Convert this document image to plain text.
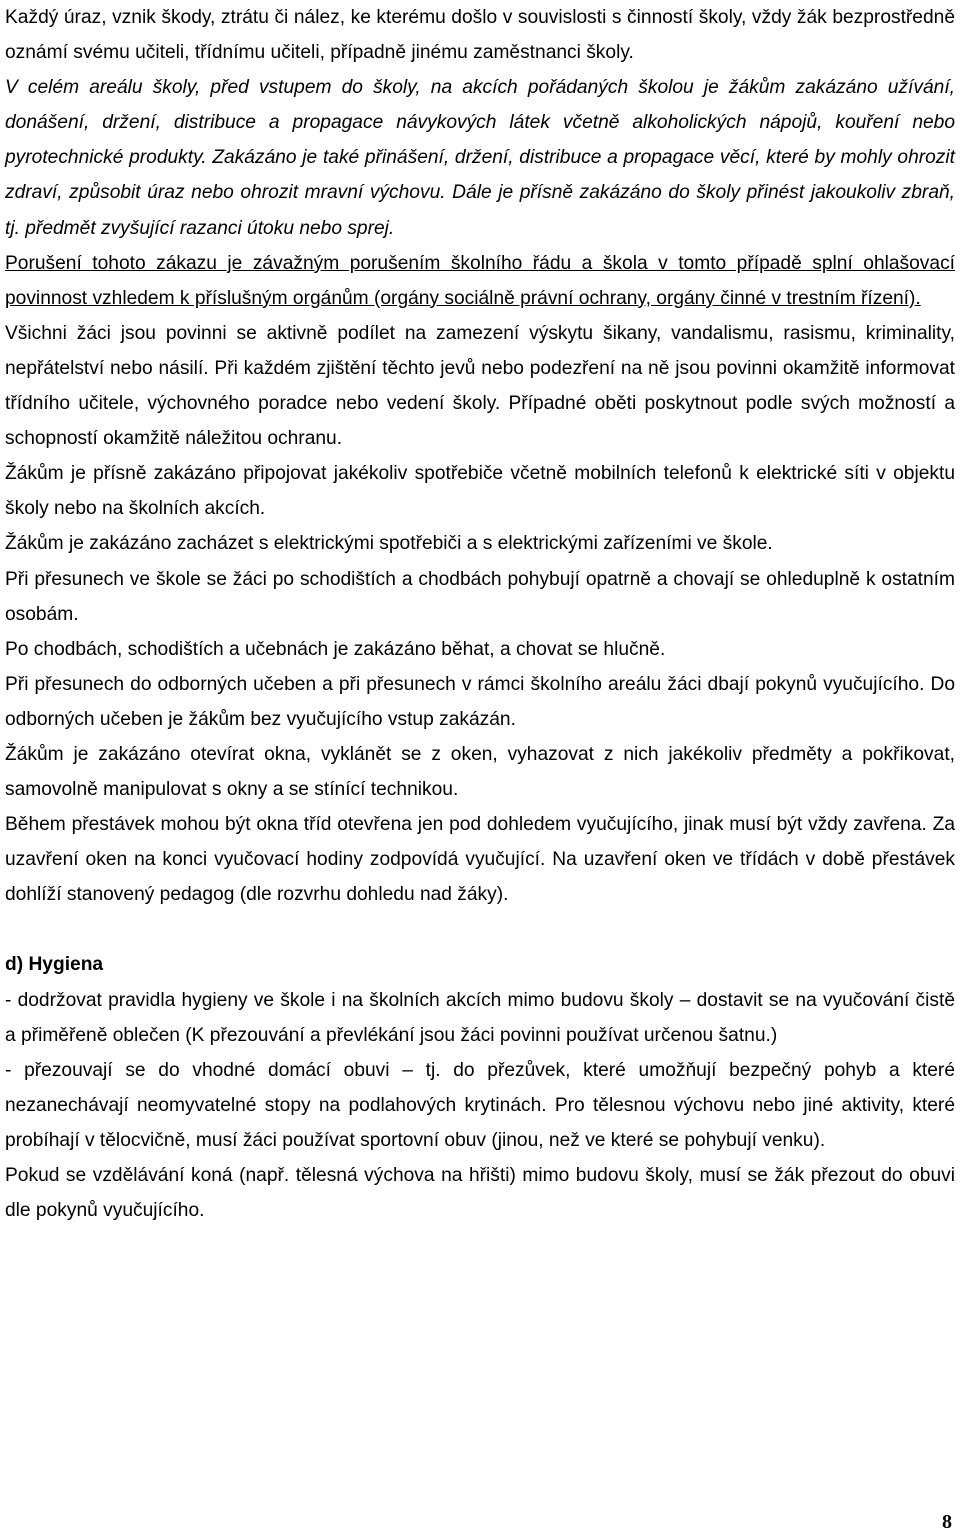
Každý úraz, vznik škody, ztrátu či nález, ke kterému došlo v souvislosti s činností školy, vždy žák bezprostředně oznámí svému učiteli, třídnímu učiteli, případně jinému zaměstnanci školy.

V celém areálu školy, před vstupem do školy, na akcích pořádaných školou je žákům zakázáno užívání, donášení, držení, distribuce a propagace návykových látek včetně alkoholických nápojů, kouření nebo pyrotechnické produkty. Zakázáno je také přinášení, držení, distribuce a propagace věcí, které by mohly ohrozit zdraví, způsobit úraz nebo ohrozit mravní výchovu. Dále je přísně zakázáno do školy přinést jakoukoliv zbraň, tj. předmět zvyšující razanci útoku nebo sprej.

Porušení tohoto zákazu je závažným porušením školního řádu a škola v tomto případě splní ohlašovací povinnost vzhledem k příslušným orgánům (orgány sociálně právní ochrany, orgány činné v trestním řízení).

Všichni žáci jsou povinni se aktivně podílet na zamezení výskytu šikany, vandalismu, rasismu, kriminality, nepřátelství nebo násilí. Při každém zjištění těchto jevů nebo podezření na ně jsou povinni okamžitě informovat třídního učitele, výchovného poradce nebo vedení školy. Případné oběti poskytnout podle svých možností a schopností okamžitě náležitou ochranu.

Žákům je přísně zakázáno připojovat jakékoliv spotřebiče včetně mobilních telefonů k elektrické síti v objektu školy nebo na školních akcích.

Žákům je zakázáno zacházet s elektrickými spotřebiči a s elektrickými zařízeními ve škole.

Při přesunech ve škole se žáci po schodištích a chodbách pohybují opatrně a chovají se ohleduplně k ostatním osobám.

Po chodbách, schodištích a učebnách je zakázáno běhat, a chovat se hlučně.

Při přesunech do odborných učeben a při přesunech v rámci školního areálu žáci dbají pokynů vyučujícího. Do odborných učeben je žákům bez vyučujícího vstup zakázán.

Žákům je zakázáno otevírat okna, vyklánět se z oken, vyhazovat z nich jakékoliv předměty a pokřikovat, samovolně manipulovat s okny a se stínící technikou.

Během přestávek mohou být okna tříd otevřena jen pod dohledem vyučujícího, jinak musí být vždy zavřena. Za uzavření oken na konci vyučovací hodiny zodpovídá vyučující. Na uzavření oken ve třídách v době přestávek dohlíží stanovený pedagog (dle rozvrhu dohledu nad žáky).

d) Hygiena

- dodržovat pravidla hygieny ve škole i na školních akcích mimo budovu školy – dostavit se na vyučování čistě a přiměřeně oblečen (K přezouvání a převlékání jsou žáci povinni používat určenou šatnu.)

- přezouvají se do vhodné domácí obuvi – tj. do přezůvek, které umožňují bezpečný pohyb a které nezanechávají neomyvatelné stopy na podlahových krytinách. Pro tělesnou výchovu nebo jiné aktivity, které probíhají v tělocvičně, musí žáci používat sportovní obuv (jinou, než ve které se pohybují venku).

Pokud se vzdělávání koná (např. tělesná výchova na hřišti) mimo budovu školy, musí se žák přezout do obuvi dle pokynů vyučujícího.

8
